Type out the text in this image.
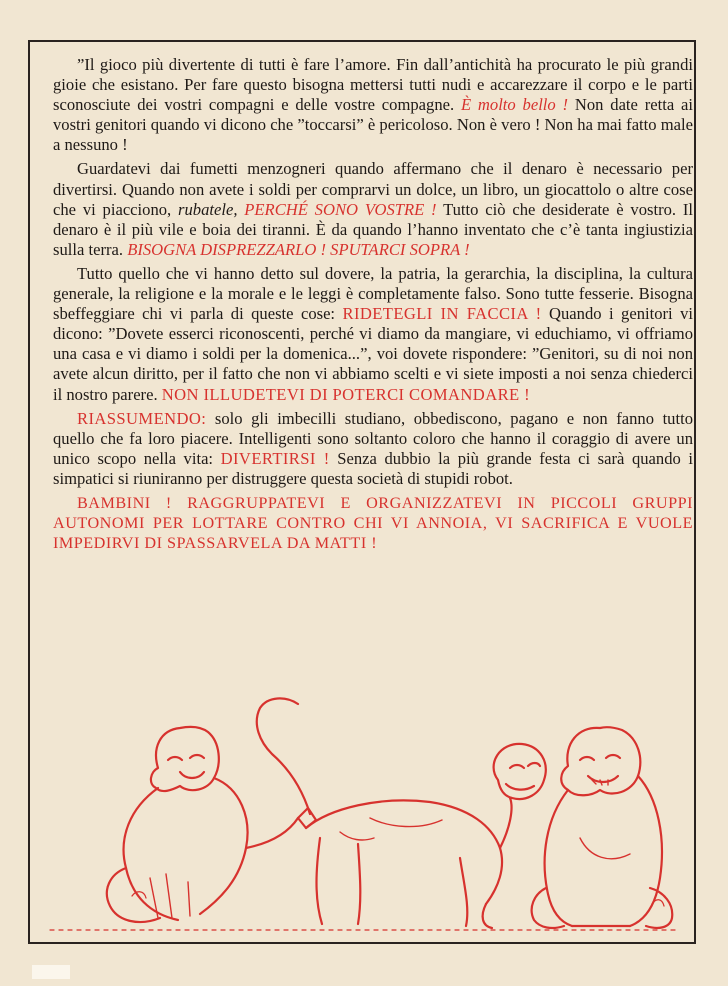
”Il gioco più divertente di tutti è fare l’amore. Fin dall’antichità ha procurato le più grandi gioie che esistano. Per fare questo bisogna mettersi tutti nudi e accarezzare il corpo e le parti sconosciute dei vostri compagni e delle vostre compagne. È molto bello ! Non date retta ai vostri genitori quando vi dicono che ”toccarsi” è pericoloso. Non è vero ! Non ha mai fatto male a nessuno !

Guardatevi dai fumetti menzogneri quando affermano che il denaro è necessario per divertirsi. Quando non avete i soldi per comprarvi un dolce, un libro, un giocattolo o altre cose che vi piacciono, rubatele, PERCHÉ SONO VOSTRE ! Tutto ciò che desiderate è vostro. Il denaro è il più vile e boia dei tiranni. È da quando l’hanno inventato che c’è tanta ingiustizia sulla terra. BISOGNA DISPREZZARLO ! SPUTARCI SOPRA !

Tutto quello che vi hanno detto sul dovere, la patria, la gerarchia, la disciplina, la cultura generale, la religione e la morale e le leggi è completamente falso. Sono tutte fesserie. Bisogna sbeffeggiare chi vi parla di queste cose: RIDETEGLI IN FACCIA ! Quando i genitori vi dicono: ”Dovete esserci riconoscenti, perché vi diamo da mangiare, vi educhiamo, vi offriamo una casa e vi diamo i soldi per la domenica...”, voi dovete rispondere: ”Genitori, su di noi non avete alcun diritto, per il fatto che non vi abbiamo scelti e vi siete imposti a noi senza chiederci il nostro parere. NON ILLUDETEVI DI POTERCI COMANDARE !

RIASSUMENDO: solo gli imbecilli studiano, obbediscono, pagano e non fanno tutto quello che fa loro piacere. Intelligenti sono soltanto coloro che hanno il coraggio di avere un unico scopo nella vita: DIVERTIRSI ! Senza dubbio la più grande festa ci sarà quando i simpatici si riuniranno per distruggere questa società di stupidi robot.

BAMBINI ! RAGGRUPPATEVI E ORGANIZZATEVI IN PICCOLI GRUPPI AUTONOMI PER LOTTARE CONTRO CHI VI ANNOIA, VI SACRIFICA E VUOLE IMPEDIRVI DI SPASSARVELA DA MATTI !
